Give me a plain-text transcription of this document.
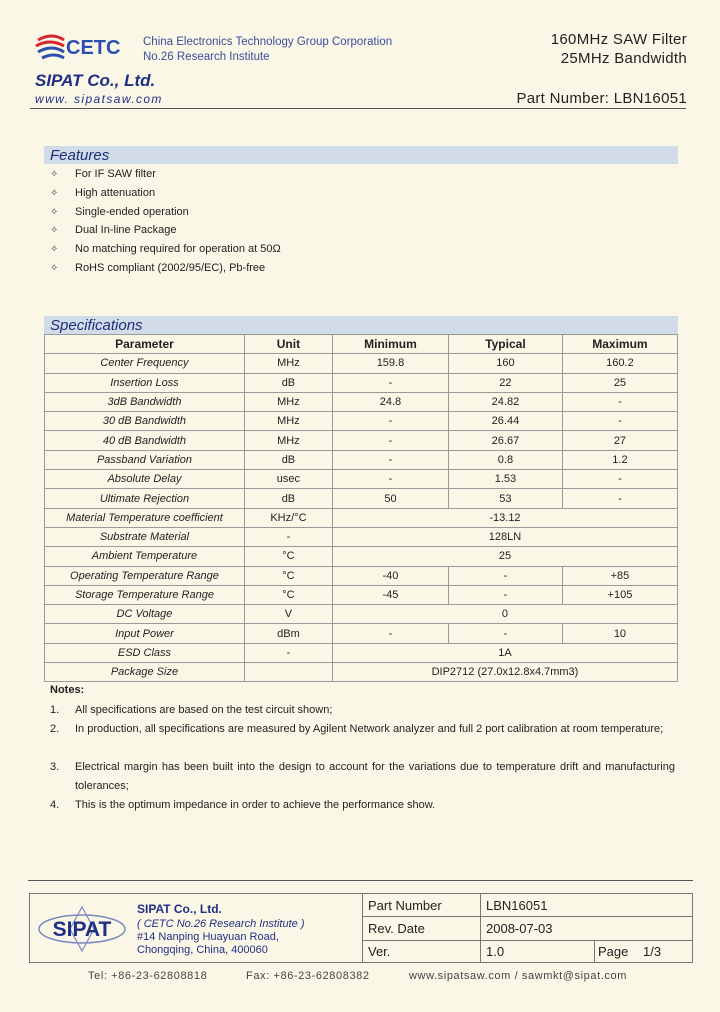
CETC China Electronics Technology Group Corporation
No.26 Research Institute
SIPAT Co., Ltd.
www. sipatsaw.com
160MHz SAW Filter
25MHz Bandwidth
Part Number: LBN16051
Features
✧ For IF SAW filter
✧ High attenuation
✧ Single-ended operation
✧ Dual In-line Package
✧ No matching required for operation at 50Ω
✧ RoHS compliant (2002/95/EC), Pb-free
Specifications
Parameter	Unit	Minimum	Typical	Maximum
Center Frequency	MHz	159.8	160	160.2
Insertion Loss	dB	-	22	25
3dB Bandwidth	MHz	24.8	24.82	-
30 dB Bandwidth	MHz	-	26.44	-
40 dB Bandwidth	MHz	-	26.67	27
Passband Variation	dB	-	0.8	1.2
Absolute Delay	usec	-	1.53	-
Ultimate Rejection	dB	50	53	-
Material Temperature coefficient	KHz/°C	-13.12		
Substrate Material	-	128LN		
Ambient Temperature	°C	25		
Operating Temperature Range	°C	-40	-	+85
Storage Temperature Range	°C	-45	-	+105
DC Voltage	V	0		
Input Power	dBm	-	-	10
ESD Class	-	1A		
Package Size		DIP2712 (27.0x12.8x4.7mm3)		
Notes:
1. All specifications are based on the test circuit shown;
2. In production, all specifications are measured by Agilent Network analyzer and full 2 port calibration at room temperature;
3. Electrical margin has been built into the design to account for the variations due to temperature drift and manufacturing tolerances;
4. This is the optimum impedance in order to achieve the performance show.
SIPAT
SIPAT Co., Ltd.
( CETC No.26 Research Institute )
#14 Nanping Huayuan Road,
Chongqing, China, 400060
Part Number	LBN16051
Rev. Date	2008-07-03
Ver.	1.0	Page 1/3
Tel: +86-23-62808818	Fax: +86-23-62808382	www.sipatsaw.com / sawmkt@sipat.com
